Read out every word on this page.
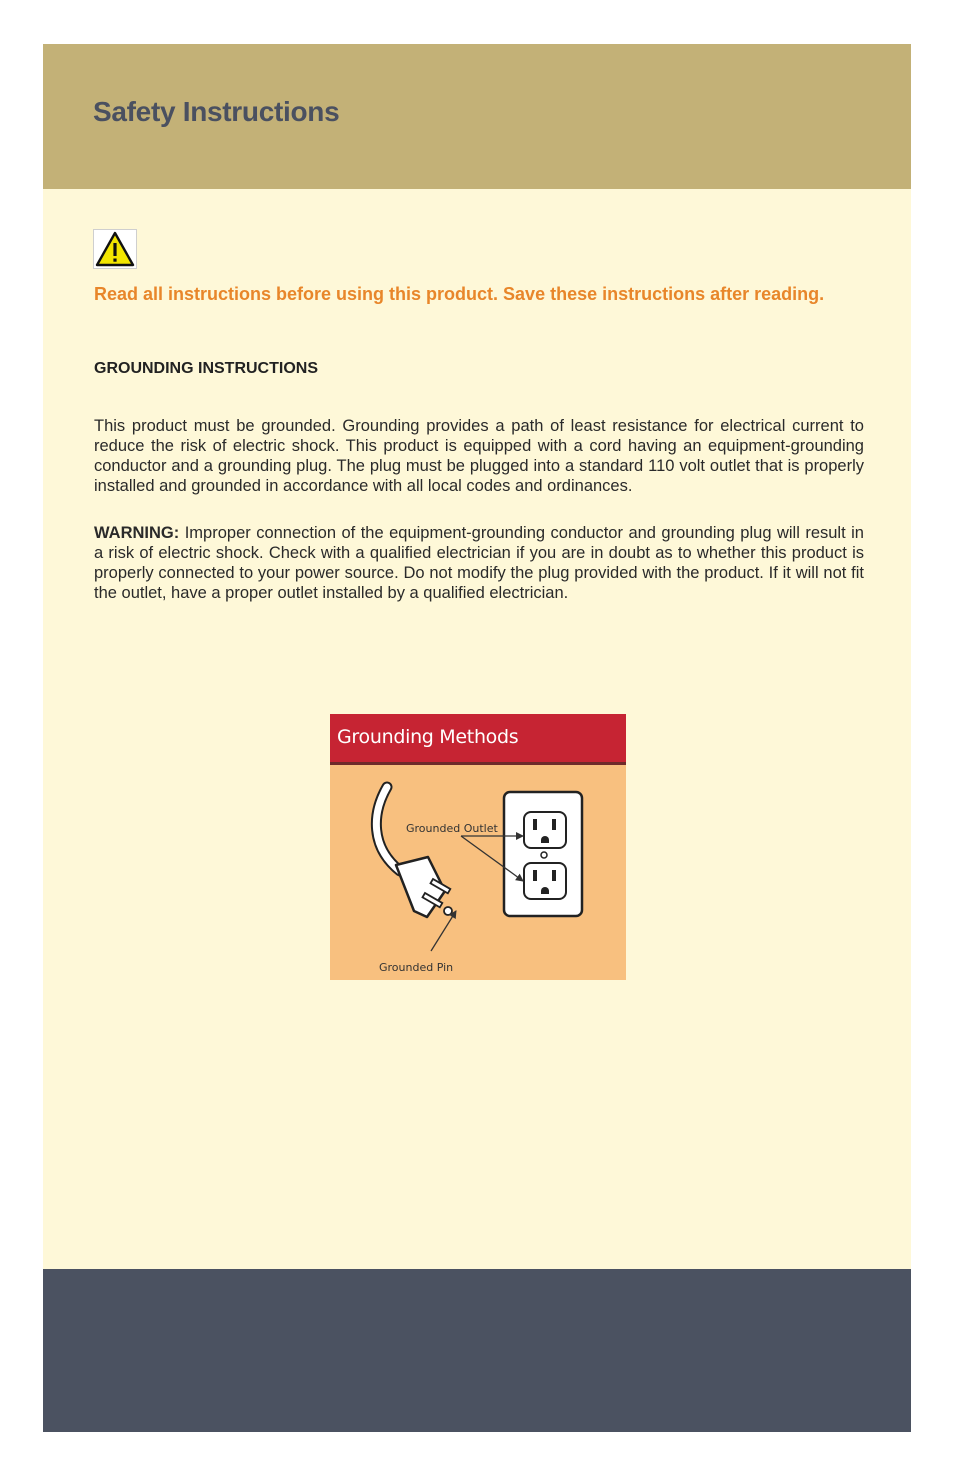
Safety Instructions

Read all instructions before using this product. Save these instructions after reading.

GROUNDING INSTRUCTIONS

This product must be grounded. Grounding provides a path of least resistance for electrical current to reduce the risk of electric shock. This product is equipped with a cord having an equipment-grounding conductor and a grounding plug. The plug must be plugged into a standard 110 volt outlet that is properly installed and grounded in accordance with all local codes and ordinances.

WARNING: Improper connection of the equipment-grounding conductor and grounding plug will result in a risk of electric shock. Check with a qualified electrician if you are in doubt as to whether this product is properly connected to your power source. Do not modify the plug provided with the product. If it will not fit the outlet, have a proper outlet installed by a qualified electrician.

Grounding Methods
Grounded Outlet
Grounded Pin
